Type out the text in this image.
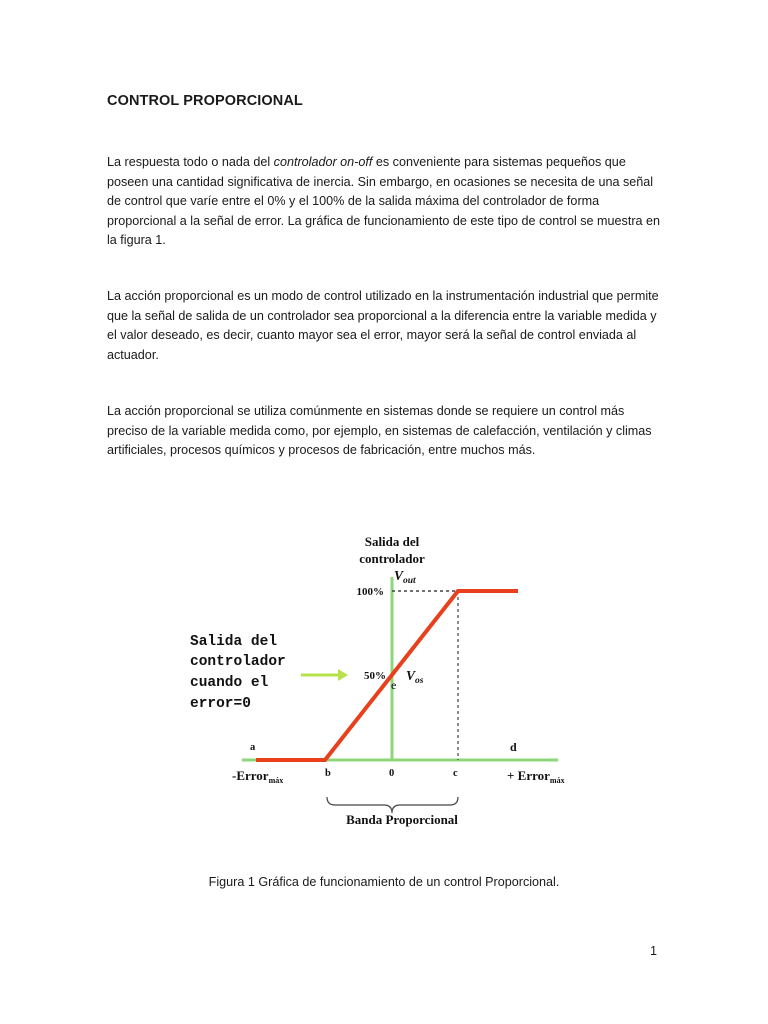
CONTROL PROPORCIONAL
La respuesta todo o nada del controlador on-off es conveniente para sistemas pequeños que poseen una cantidad significativa de inercia. Sin embargo, en ocasiones se necesita de una señal de control que varíe entre el 0% y el 100% de la salida máxima del controlador de forma proporcional a la señal de error. La gráfica de funcionamiento de este tipo de control se muestra en la figura 1.
La acción proporcional es un modo de control utilizado en la instrumentación industrial que permite que la señal de salida de un controlador sea proporcional a la diferencia entre la variable medida y el valor deseado, es decir, cuanto mayor sea el error, mayor será la señal de control enviada al actuador.
La acción proporcional se utiliza comúnmente en sistemas donde se requiere un control más preciso de la variable medida como, por ejemplo, en sistemas de calefacción, ventilación y climas artificiales, procesos químicos y procesos de fabricación, entre muchos más.
Salida del
controlador
$V_{out}$
100%
50%
e
$V_{os}$
Salida del
controlador
cuando el
error=0
a
b	0	c
d
-Error$_{máx}$	+ Error$_{máx}$
Banda Proporcional
Figura 1 Gráfica de funcionamiento de un control Proporcional.
1
